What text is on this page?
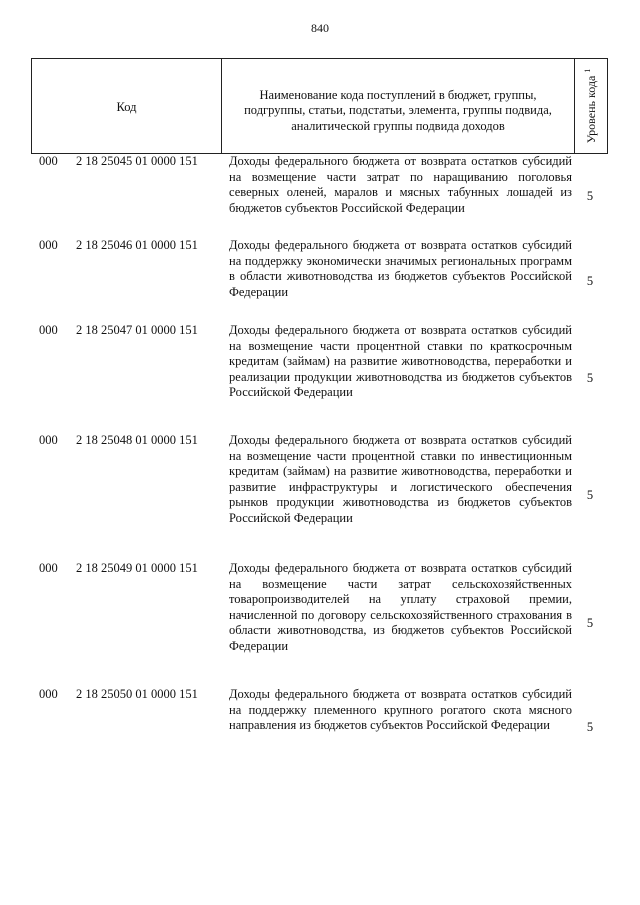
840
Код
Наименование кода поступлений в бюджет, группы, подгруппы, статьи, подстатьи, элемента, группы подвида, аналитической группы подвида доходов	Уровень кода $^1$
000 2 18 25045 01 0000 151 Доходы федерального бюджета от возврата остатков субсидий на возмещение части затрат по наращиванию поголовья северных оленей, маралов и мясных табунных лошадей из бюджетов субъектов Российской Федерации
5
000 2 18 25046 01 0000 151 Доходы федерального бюджета от возврата остатков субсидий на поддержку экономически значимых региональных программ в области животноводства из бюджетов субъектов Российской Федерации
5
000 2 18 25047 01 0000 151 Доходы федерального бюджета от возврата остатков субсидий на возмещение части процентной ставки по краткосрочным кредитам (займам) на развитие животноводства, переработки и реализации продукции животноводства из бюджетов субъектов Российской Федерации
5
000 2 18 25048 01 0000 151 Доходы федерального бюджета от возврата остатков субсидий на возмещение части процентной ставки по инвестиционным кредитам (займам) на развитие животноводства, переработки и развитие инфраструктуры и логистического обеспечения рынков продукции животноводства из бюджетов субъектов Российской Федерации
5
000 2 18 25049 01 0000 151 Доходы федерального бюджета от возврата остатков субсидий на возмещение части затрат сельскохозяйственных товаропроизводителей на уплату страховой премии, начисленной по договору сельскохозяйственного страхования в области животноводства, из бюджетов субъектов Российской Федерации
5
000 2 18 25050 01 0000 151 Доходы федерального бюджета от возврата остатков субсидий на поддержку племенного крупного рогатого скота мясного направления из бюджетов субъектов Российской Федерации	5
